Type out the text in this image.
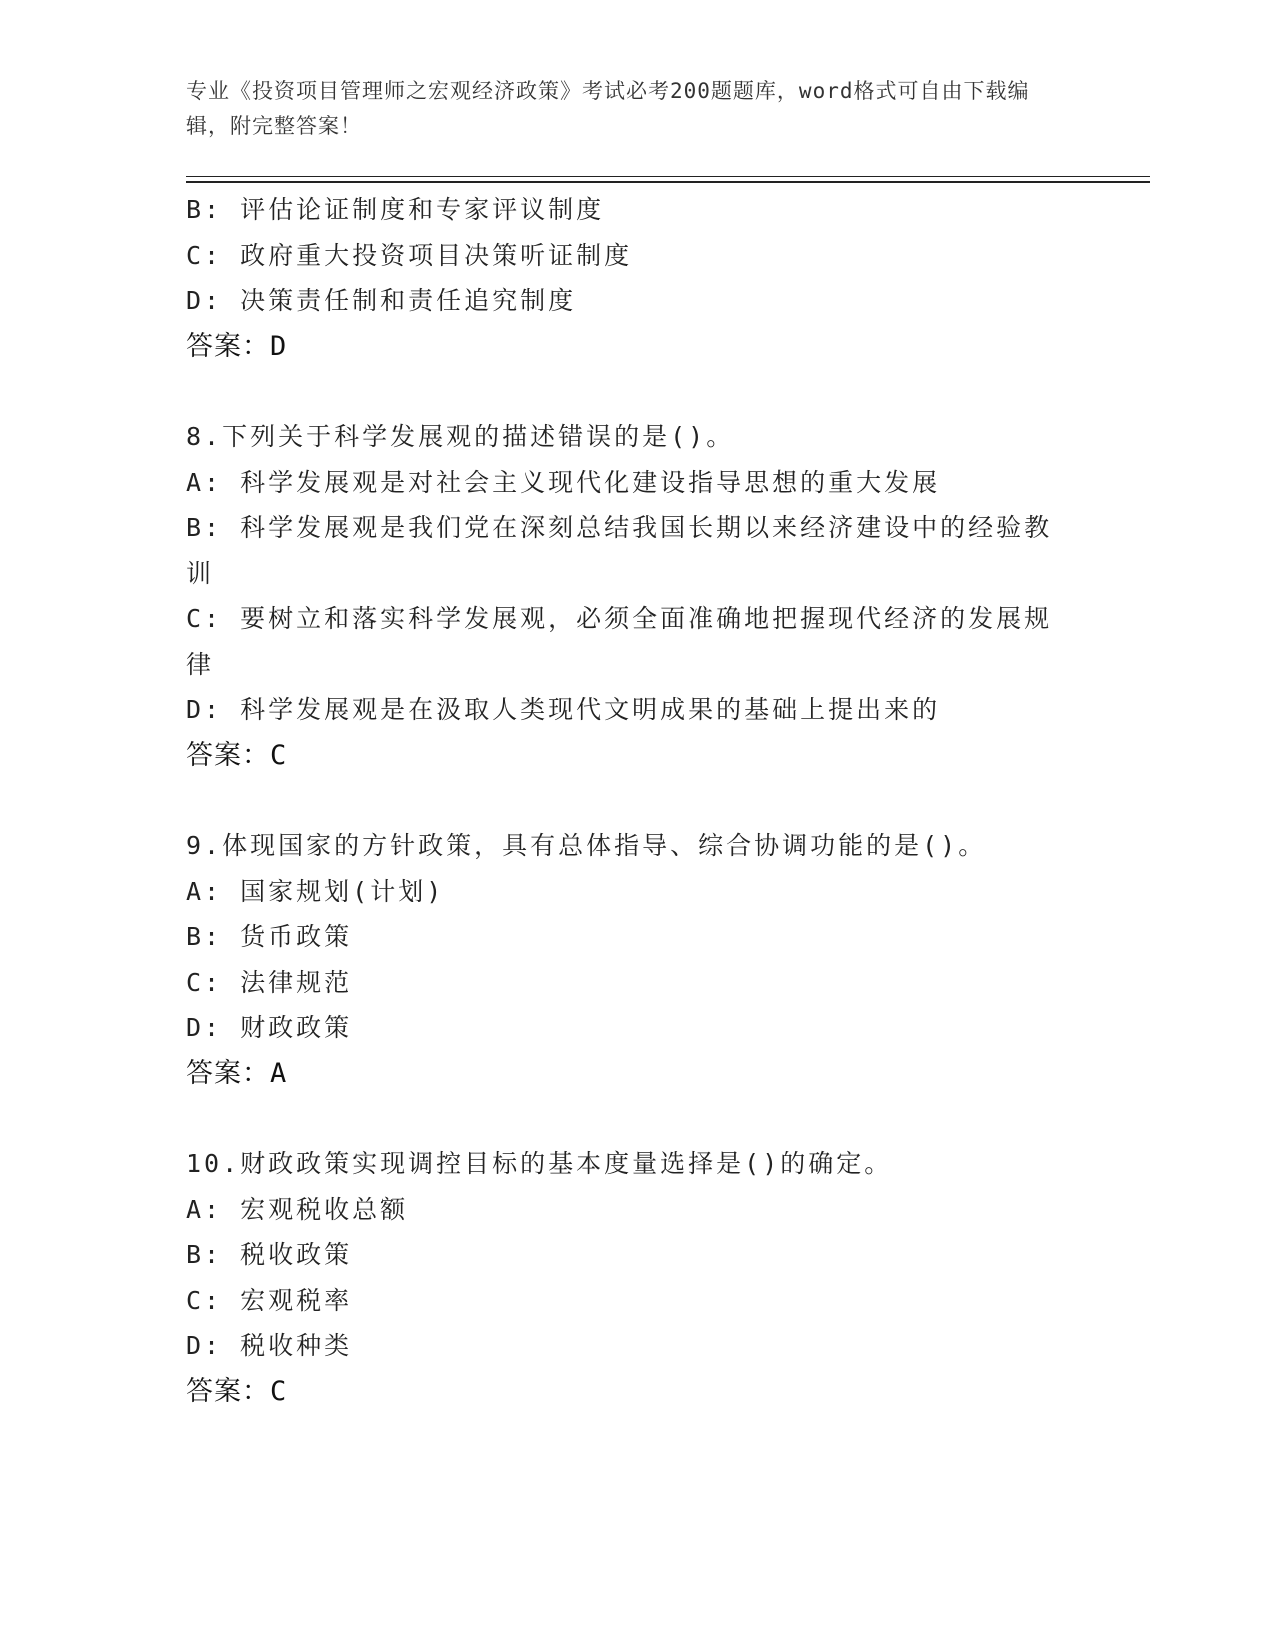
专业《投资项目管理师之宏观经济政策》考试必考200题题库，word格式可自由下载编辑，附完整答案！

B: 评估论证制度和专家评议制度

C: 政府重大投资项目决策听证制度

D: 决策责任制和责任追究制度

答案：D

8.下列关于科学发展观的描述错误的是()。

A: 科学发展观是对社会主义现代化建设指导思想的重大发展

B: 科学发展观是我们党在深刻总结我国长期以来经济建设中的经验教训

C: 要树立和落实科学发展观，必须全面准确地把握现代经济的发展规律

D: 科学发展观是在汲取人类现代文明成果的基础上提出来的

答案：C

9.体现国家的方针政策，具有总体指导、综合协调功能的是()。

A: 国家规划(计划)

B: 货币政策

C: 法律规范

D: 财政政策

答案：A

10.财政政策实现调控目标的基本度量选择是()的确定。

A: 宏观税收总额

B: 税收政策

C: 宏观税率

D: 税收种类

答案：C
